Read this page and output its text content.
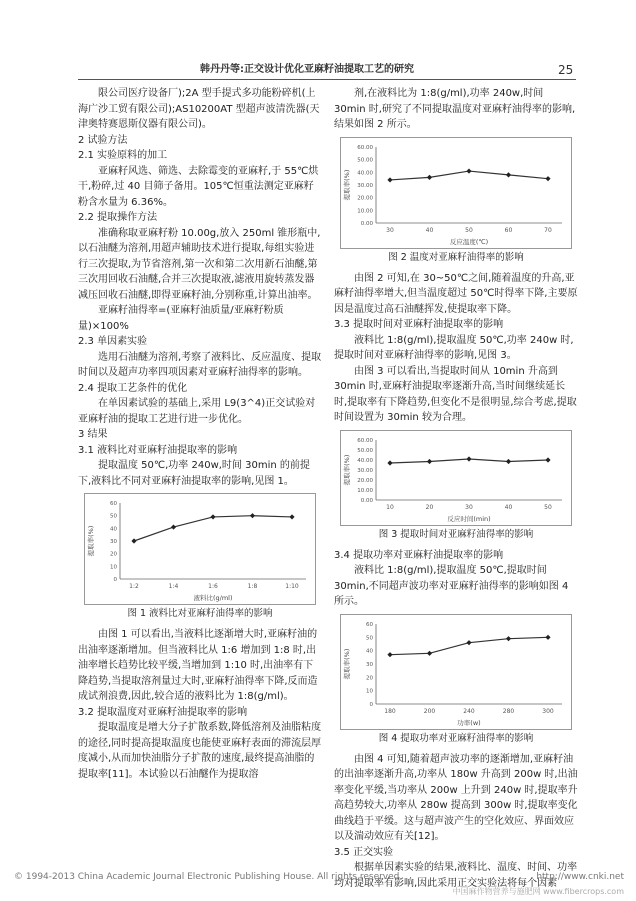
韩丹丹等:正交设计优化亚麻籽油提取工艺的研究	25
限公司医疗设备厂);2A 型手提式多功能粉碎机(上海广沙工贸有限公司);AS10200AT 型超声波清洗器(天津奥特赛恩斯仪器有限公司)。
2 试验方法
2.1 实验原料的加工
亚麻籽风选、筛选、去除霉变的亚麻籽,于 55℃烘干,粉碎,过 40 目筛子备用。105℃恒重法测定亚麻籽粉含水量为 6.36%。
2.2 提取操作方法
准确称取亚麻籽粉 10.00g,放入 250ml 锥形瓶中,以石油醚为溶剂,用超声辅助技术进行提取,每组实验进行三次提取,为节省溶剂,第一次和第二次用新石油醚,第三次用回收石油醚,合并三次提取液,滤液用旋转蒸发器减压回收石油醚,即得亚麻籽油,分别称重,计算出油率。
亚麻籽油得率=(亚麻籽油质量/亚麻籽粉质量)×100%
2.3 单因素实验
选用石油醚为溶剂,考察了液料比、反应温度、提取时间以及超声功率四项因素对亚麻籽油得率的影响。
2.4 提取工艺条件的优化
在单因素试验的基础上,采用 L9(3^4)正交试验对亚麻籽油的提取工艺进行进一步优化。
3 结果
3.1 液料比对亚麻籽油提取率的影响
提取温度 50℃,功率 240w,时间 30min 的前提下,液料比不同对亚麻籽油提取率的影响,见图 1。
0
10
20
30
40
50
60
1:2	1:4	1:6	1:8	1:10
液料比(g/ml)
提取率(%)
图 1 液料比对亚麻籽油得率的影响
由图 1 可以看出,当液料比逐渐增大时,亚麻籽油的出油率逐渐增加。但当液料比从 1:6 增加到 1:8 时,出油率增长趋势比较平缓,当增加到 1:10 时,出油率有下降趋势,当提取溶剂量过大时,亚麻籽油得率下降,反而造成试剂浪费,因此,较合适的液料比为 1:8(g/ml)。
3.2 提取温度对亚麻籽油提取率的影响
提取温度是增大分子扩散系数,降低溶剂及油脂粘度的途径,同时提高提取温度也能使亚麻籽表面的滞流层厚度减小,从而加快油脂分子扩散的速度,最终提高油脂的提取率[11]。本试验以石油醚作为提取溶
剂,在液料比为 1:8(g/ml),功率 240w,时间 30min 时,研究了不同提取温度对亚麻籽油得率的影响,结果如图 2 所示。
0.00
10.00
20.00
30.00
40.00
50.00
60.00
30	40	50	60	70
反应温度(℃)
提取率(%)
图 2 温度对亚麻籽油得率的影响
由图 2 可知,在 30~50℃之间,随着温度的升高,亚麻籽油得率增大,但当温度超过 50℃时得率下降,主要原因是温度过高石油醚挥发,使提取率下降。
3.3 提取时间对亚麻籽油提取率的影响
液料比 1:8(g/ml),提取温度 50℃,功率 240w 时,提取时间对亚麻籽油得率的影响,见图 3。
由图 3 可以看出,当提取时间从 10min 升高到 30min 时,亚麻籽油提取率逐渐升高,当时间继续延长时,提取率有下降趋势,但变化不是很明显,综合考虑,提取时间设置为 30min 较为合理。
0.00
10.00
20.00
30.00
40.00
50.00
60.00
10	20	30	40	50
反应时间(min)
提取率(%)
图 3 提取时间对亚麻籽油得率的影响
3.4 提取功率对亚麻籽油提取率的影响
液料比 1:8(g/ml),提取温度 50℃,提取时间 30min,不同超声波功率对亚麻籽油得率的影响如图 4 所示。
0
10
20
30
40
50
60
180	200	240	280	300
功率(w)
提取率(%)
图 4 提取功率对亚麻籽油得率的影响
由图 4 可知,随着超声波功率的逐渐增加,亚麻籽油的出油率逐渐升高,功率从 180w 升高到 200w 时,出油率变化平缓,当功率从 200w 上升到 240w 时,提取率升高趋势较大,功率从 280w 提高到 300w 时,提取率变化曲线趋于平缓。这与超声波产生的空化效应、界面效应以及湍动效应有关[12]。
3.5 正交实验
根据单因素实验的结果,液料比、温度、时间、功率均对提取率有影响,因此采用正交实验法将每个因素
© 1994-2013 China Academic Journal Electronic Publishing House. All rights reserved.	http://www.cnki.net
中国麻作物营养与施肥网 www.fibercrops.com
